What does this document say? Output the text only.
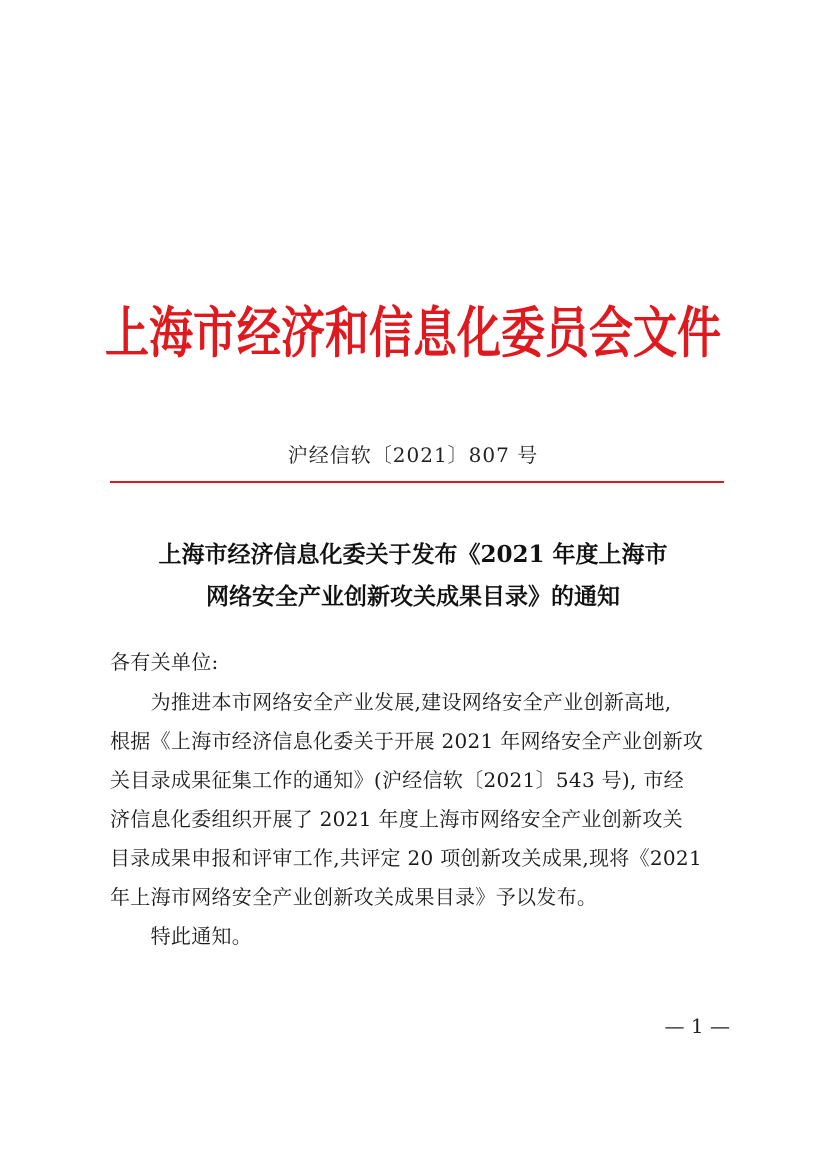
上海市经济和信息化委员会文件
沪经信软〔2021〕807 号
上海市经济信息化委关于发布《2021 年度上海市
网络安全产业创新攻关成果目录》的通知
各有关单位:
　　为推进本市网络安全产业发展,建设网络安全产业创新高地,
根据《上海市经济信息化委关于开展 2021 年网络安全产业创新攻
关目录成果征集工作的通知》(沪经信软〔2021〕543 号), 市经
济信息化委组织开展了 2021 年度上海市网络安全产业创新攻关
目录成果申报和评审工作,共评定 20 项创新攻关成果,现将《2021
年上海市网络安全产业创新攻关成果目录》予以发布。
　　特此通知。
— 1 —
